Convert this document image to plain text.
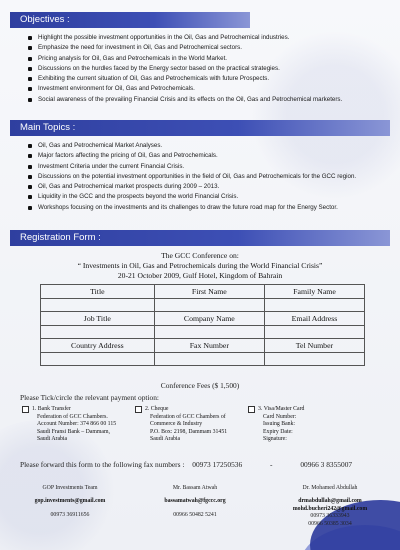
Objectives :
Highlight the possible investment opportunities in the Oil, Gas and Petrochemical industries.
Emphasize the need for investment in Oil, Gas and Petrochemical sectors.
Pricing analysis for Oil, Gas and Petrochemicals in the World Market.
Discussions on the hurdles faced by the Energy sector based on the practical strategies.
Exhibiting the current situation of Oil, Gas and Petrochemicals with future Prospects.
Investment environment for Oil, Gas and Petrochemicals.
Social awareness of the prevailing Financial Crisis and its effects on the Oil, Gas and Petrochemical marketers.
Main Topics :
Oil, Gas and Petrochemical Market Analyses.
Major factors affecting the pricing of Oil, Gas and Petrochemicals.
Investment Criteria under the current Financial Crisis.
Discussions on the potential investment opportunities in the field of Oil, Gas and Petrochemicals for the GCC region.
Oil, Gas and Petrochemical market prospects during 2009 – 2013.
Liquidity in the GCC and the prospects beyond the world Financial Crisis.
Workshops focusing on the investments and its challenges to draw the future road map for the Energy Sector.
Registration Form :
The GCC Conference on:
“ Investments in Oil, Gas and Petrochemicals during the World Financial Crisis”
20-21 October 2009, Gulf Hotel, Kingdom of Bahrain
Title	First Name	Family Name

Job Title	Company Name	Email Address

Country Address	Fax Number	Tel Number

Conference Fees ($ 1,500)
Please Tick/circle the relevant payment option:
1. Bank Transfer
Federation of GCC Chambers.
Account Number: 374 866 00 115
Saudi Fransi Bank – Dammam,
Saudi Arabia
2. Cheque
Federation of GCC Chambers of
Commerce & Industry
P.O. Box: 2198, Dammam 31451
Saudi Arabia
3. Visa/Master Card
Card Number:
Issuing Bank:
Expiry Date:
Signature:
Please forward this form to the following fax numbers : 00973 17250536	-	00966 3 8355007
GOP Investments Team
gop.investments@gmail.com
00973 36911656
Mr. Bassam Atwah
bassamatwah@fgccc.org
00966 50482 5241
Dr. Mohamed Abdullah
drmabdullah@gmail.com
mohd.bucheri242@gmail.com
00973 36333943
00966 50385 3034
